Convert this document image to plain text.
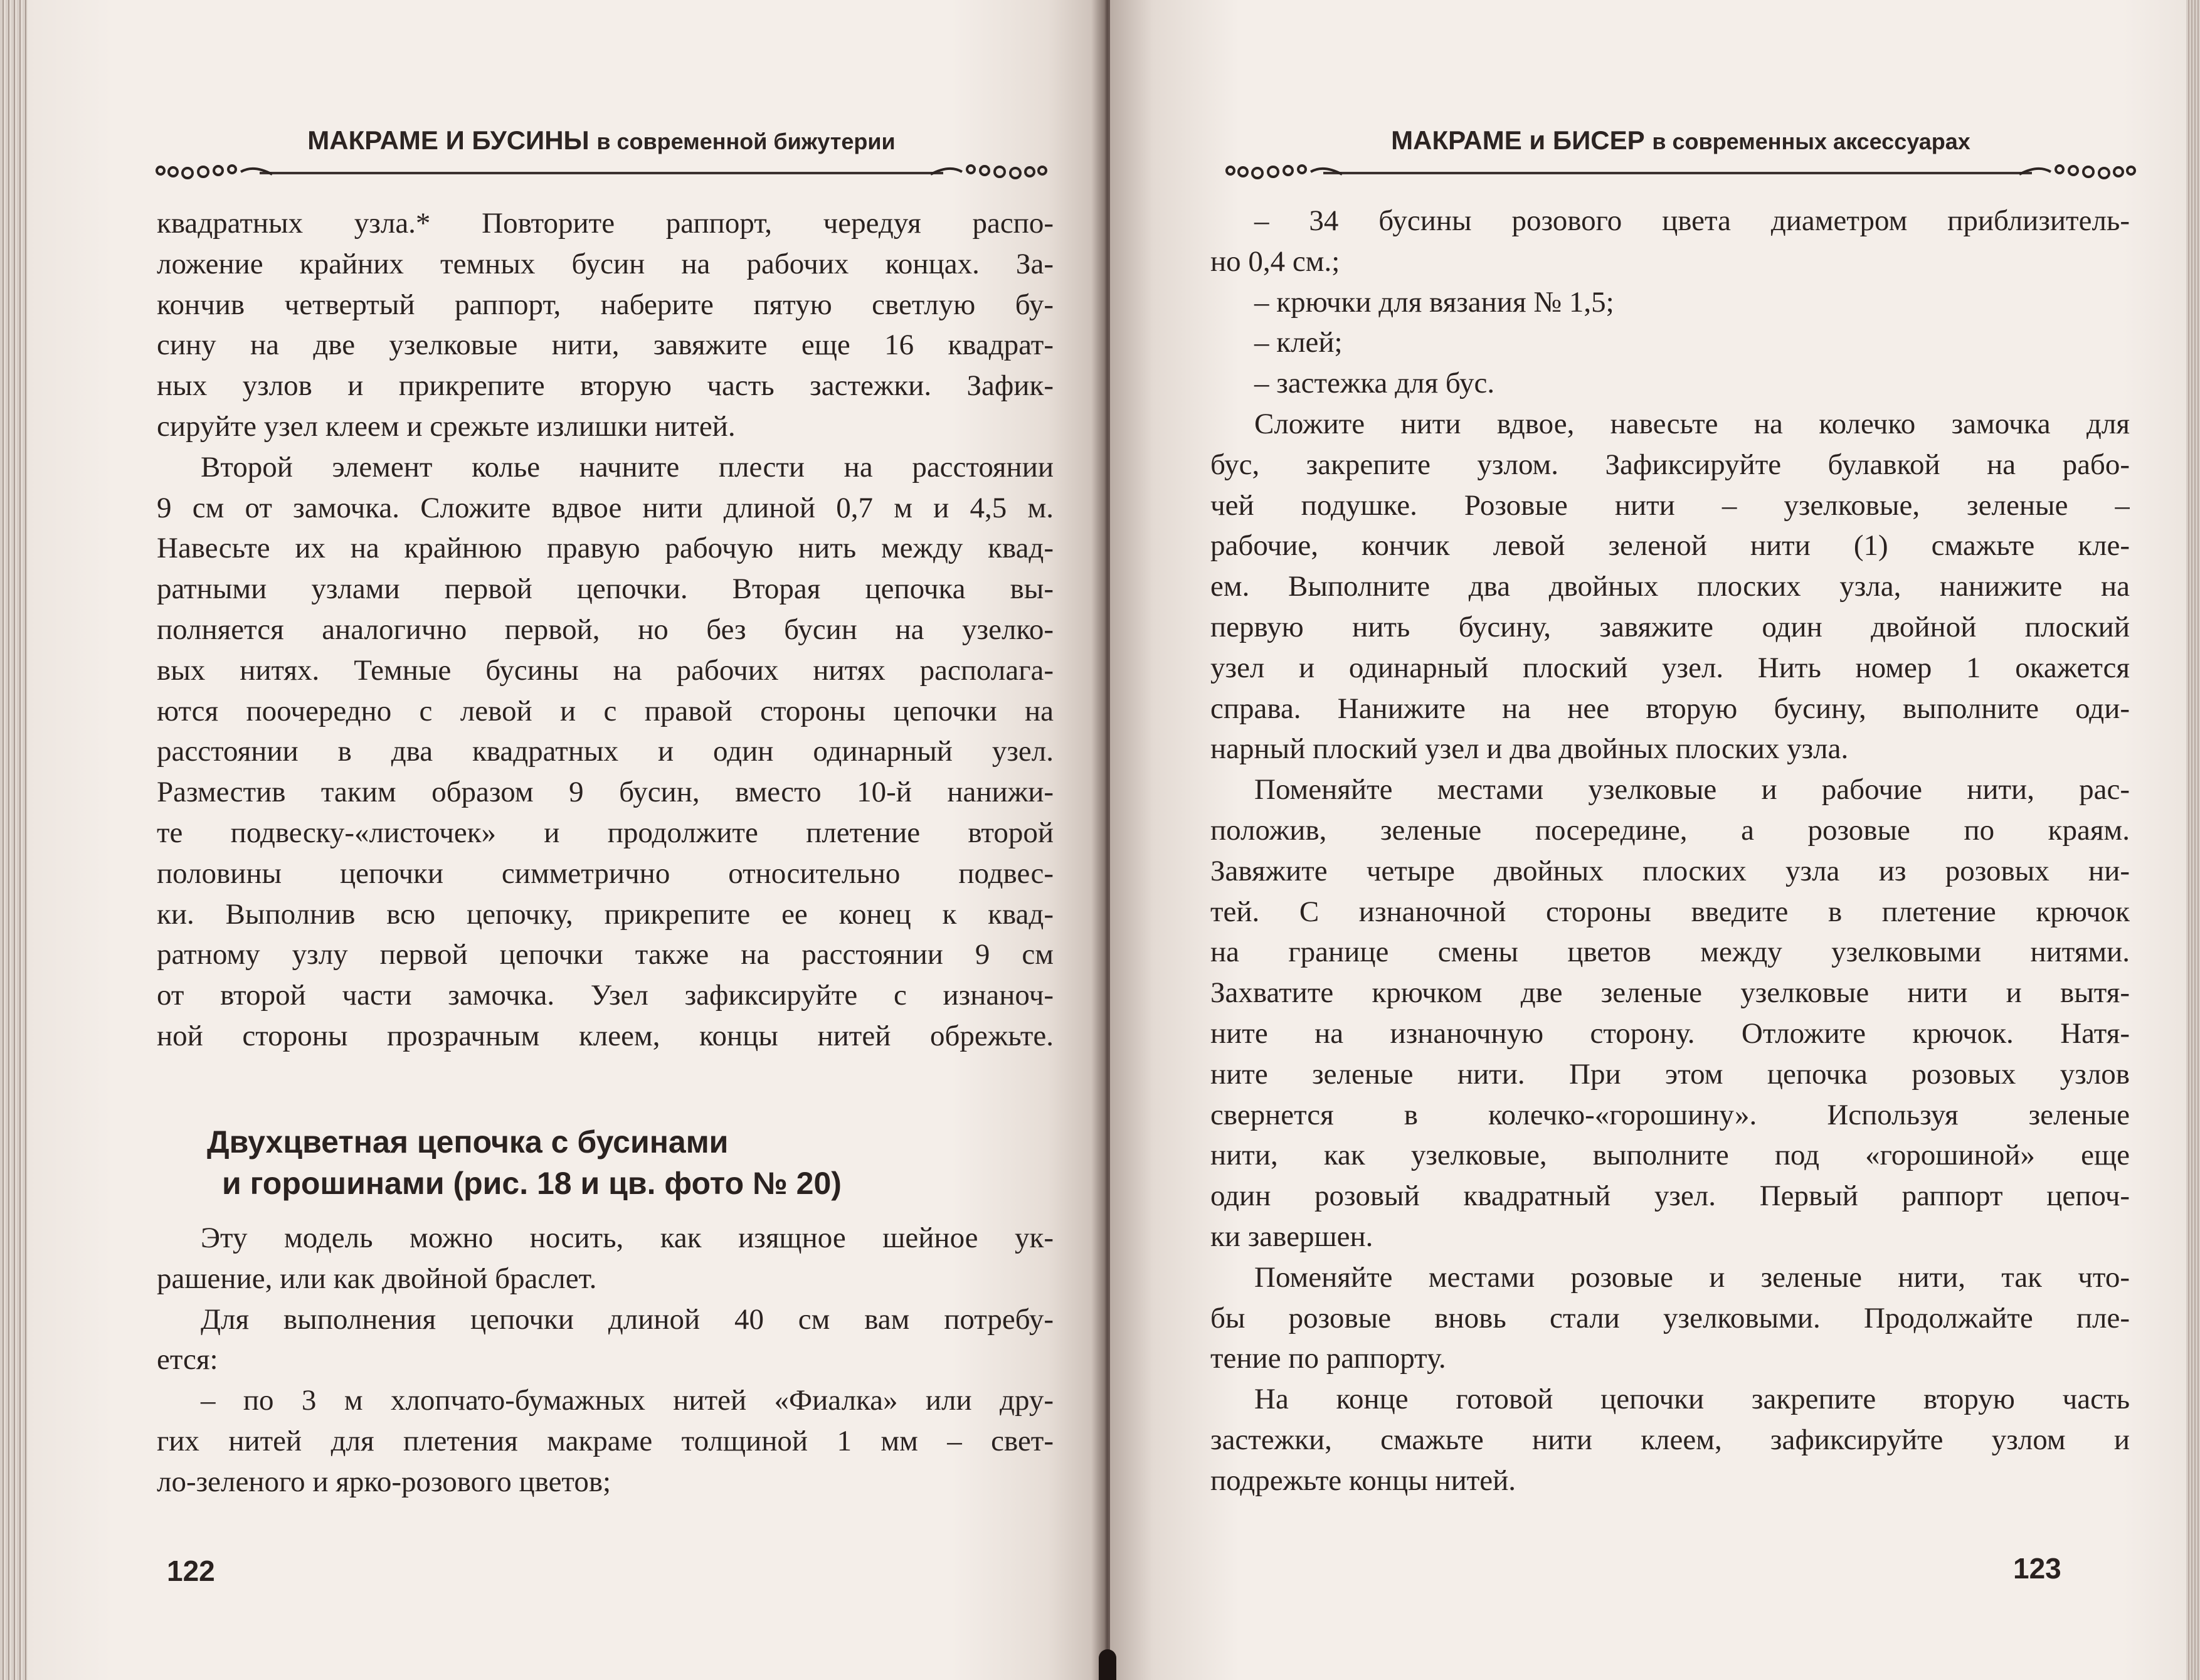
МАКРАМЕ И БУСИНЫ в современной бижутерии
квадратных узла.* Повторите раппорт, чередуя распо-
ложение крайних темных бусин на рабочих концах. За-
кончив четвертый раппорт, наберите пятую светлую бу-
сину на две узелковые нити, завяжите еще 16 квадрат-
ных узлов и прикрепите вторую часть застежки. Зафик-
сируйте узел клеем и срежьте излишки нитей.
Второй элемент колье начните плести на расстоянии
9 см от замочка. Сложите вдвое нити длиной 0,7 м и 4,5 м.
Навесьте их на крайнюю правую рабочую нить между квад-
ратными узлами первой цепочки. Вторая цепочка вы-
полняется аналогично первой, но без бусин на узелко-
вых нитях. Темные бусины на рабочих нитях располага-
ются поочередно с левой и с правой стороны цепочки на
расстоянии в два квадратных и один одинарный узел.
Разместив таким образом 9 бусин, вместо 10-й нанижи-
те подвеску-«листочек» и продолжите плетение второй
половины цепочки симметрично относительно подвес-
ки. Выполнив всю цепочку, прикрепите ее конец к квад-
ратному узлу первой цепочки также на расстоянии 9 см
от второй части замочка. Узел зафиксируйте с изнаноч-
ной стороны прозрачным клеем, концы нитей обрежьте.
Двухцветная цепочка с бусинами
и горошинами (рис. 18 и цв. фото № 20)
Эту модель можно носить, как изящное шейное ук-
рашение, или как двойной браслет.
Для выполнения цепочки длиной 40 см вам потребу-
ется:
– по 3 м хлопчато-бумажных нитей «Фиалка» или дру-
гих нитей для плетения макраме толщиной 1 мм – свет-
ло-зеленого и ярко-розового цветов;
122
МАКРАМЕ и БИСЕР в современных аксессуарах
– 34 бусины розового цвета диаметром приблизитель-
но 0,4 см.;
– крючки для вязания № 1,5;
– клей;
– застежка для бус.
Сложите нити вдвое, навесьте на колечко замочка для
бус, закрепите узлом. Зафиксируйте булавкой на рабо-
чей подушке. Розовые нити – узелковые, зеленые –
рабочие, кончик левой зеленой нити (1) смажьте кле-
ем. Выполните два двойных плоских узла, нанижите на
первую нить бусину, завяжите один двойной плоский
узел и одинарный плоский узел. Нить номер 1 окажется
справа. Нанижите на нее вторую бусину, выполните оди-
нарный плоский узел и два двойных плоских узла.
Поменяйте местами узелковые и рабочие нити, рас-
положив, зеленые посередине, а розовые по краям.
Завяжите четыре двойных плоских узла из розовых ни-
тей. С изнаночной стороны введите в плетение крючок
на границе смены цветов между узелковыми нитями.
Захватите крючком две зеленые узелковые нити и вытя-
ните на изнаночную сторону. Отложите крючок. Натя-
ните зеленые нити. При этом цепочка розовых узлов
свернется в колечко-«горошину». Используя зеленые
нити, как узелковые, выполните под «горошиной» еще
один розовый квадратный узел. Первый раппорт цепоч-
ки завершен.
Поменяйте местами розовые и зеленые нити, так что-
бы розовые вновь стали узелковыми. Продолжайте пле-
тение по раппорту.
На конце готовой цепочки закрепите вторую часть
застежки, смажьте нити клеем, зафиксируйте узлом и
подрежьте концы нитей.
123
